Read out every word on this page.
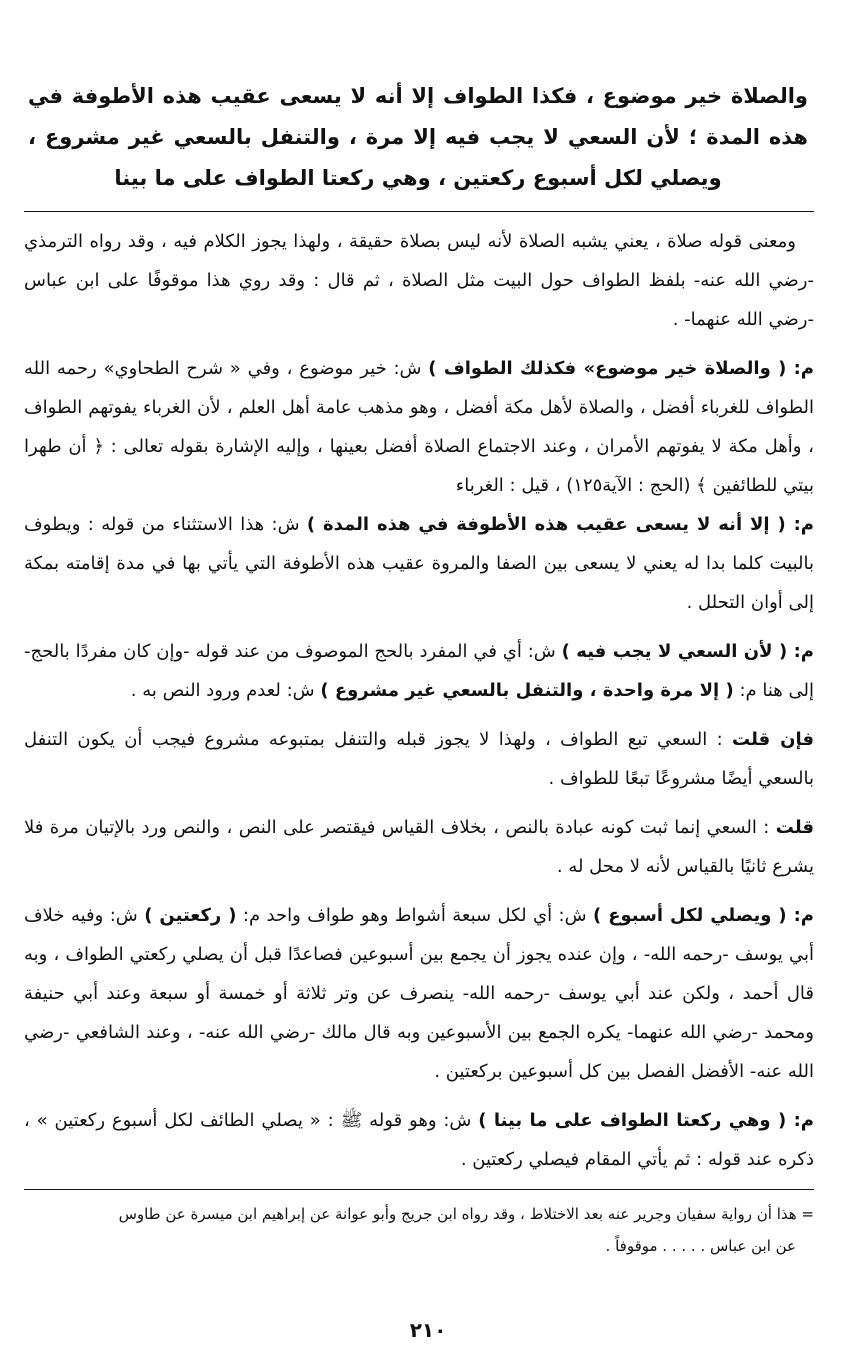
والصلاة خير موضوع ، فكذا الطواف إلا أنه لا يسعى عقيب هذه الأطوفة في هذه المدة ؛ لأن السعي لا يجب فيه إلا مرة ، والتنفل بالسعي غير مشروع ، ويصلي لكل أسبوع ركعتين ، وهي ركعتا الطواف على ما بينا

ومعنى قوله صلاة ، يعني يشبه الصلاة لأنه ليس بصلاة حقيقة ، ولهذا يجوز الكلام فيه ، وقد رواه الترمذي -رضي الله عنه- بلفظ الطواف حول البيت مثل الصلاة ، ثم قال : وقد روي هذا موقوفًا على ابن عباس -رضي الله عنهما- .

م: ( والصلاة خير موضوع» فكذلك الطواف ) ش: خير موضوع ، وفي « شرح الطحاوي» رحمه الله الطواف للغرباء أفضل ، والصلاة لأهل مكة أفضل ، وهو مذهب عامة أهل العلم ، لأن الغرباء يفوتهم الطواف ، وأهل مكة لا يفوتهم الأمران ، وعند الاجتماع الصلاة أفضل بعينها ، وإليه الإشارة بقوله تعالى : ﴿ أن طهرا بيتي للطائفين ﴾ (الحج : الآية١٢٥) ، قيل : الغرباء

م: ( إلا أنه لا يسعى عقيب هذه الأطوفة في هذه المدة ) ش: هذا الاستثناء من قوله : ويطوف بالبيت كلما بدا له يعني لا يسعى بين الصفا والمروة عقيب هذه الأطوفة التي يأتي بها في مدة إقامته بمكة إلى أوان التحلل .

م: ( لأن السعي لا يجب فيه ) ش: أي في المفرد بالحج الموصوف من عند قوله -وإن كان مفردًا بالحج- إلى هنا م: ( إلا مرة واحدة ، والتنفل بالسعي غير مشروع ) ش: لعدم ورود النص به .

فإن قلت : السعي تبع الطواف ، ولهذا لا يجوز قبله والتنفل بمتبوعه مشروع فيجب أن يكون التنفل بالسعي أيضًا مشروعًا تبعًا للطواف .

قلت : السعي إنما ثبت كونه عبادة بالنص ، بخلاف القياس فيقتصر على النص ، والنص ورد بالإتيان مرة فلا يشرع ثانيًا بالقياس لأنه لا محل له .

م: ( ويصلي لكل أسبوع ) ش: أي لكل سبعة أشواط وهو طواف واحد م: ( ركعتين ) ش: وفيه خلاف أبي يوسف -رحمه الله- ، وإن عنده يجوز أن يجمع بين أسبوعين فصاعدًا قبل أن يصلي ركعتي الطواف ، وبه قال أحمد ، ولكن عند أبي يوسف -رحمه الله- ينصرف عن وتر ثلاثة أو خمسة أو سبعة وعند أبي حنيفة ومحمد -رضي الله عنهما- يكره الجمع بين الأسبوعين وبه قال مالك -رضي الله عنه- ، وعند الشافعي -رضي الله عنه- الأفضل الفصل بين كل أسبوعين بركعتين .

م: ( وهي ركعتا الطواف على ما بينا ) ش: وهو قوله ﷺ : « يصلي الطائف لكل أسبوع ركعتين » ، ذكره عند قوله : ثم يأتي المقام فيصلي ركعتين .

= هذا أن رواية سفيان وجرير عنه بعد الاختلاط ، وقد رواه ابن جريج وأبو عوانة عن إبراهيم ابن ميسرة عن طاوس
عن ابن عباس . . . . . موقوفاً .
٢١٠
